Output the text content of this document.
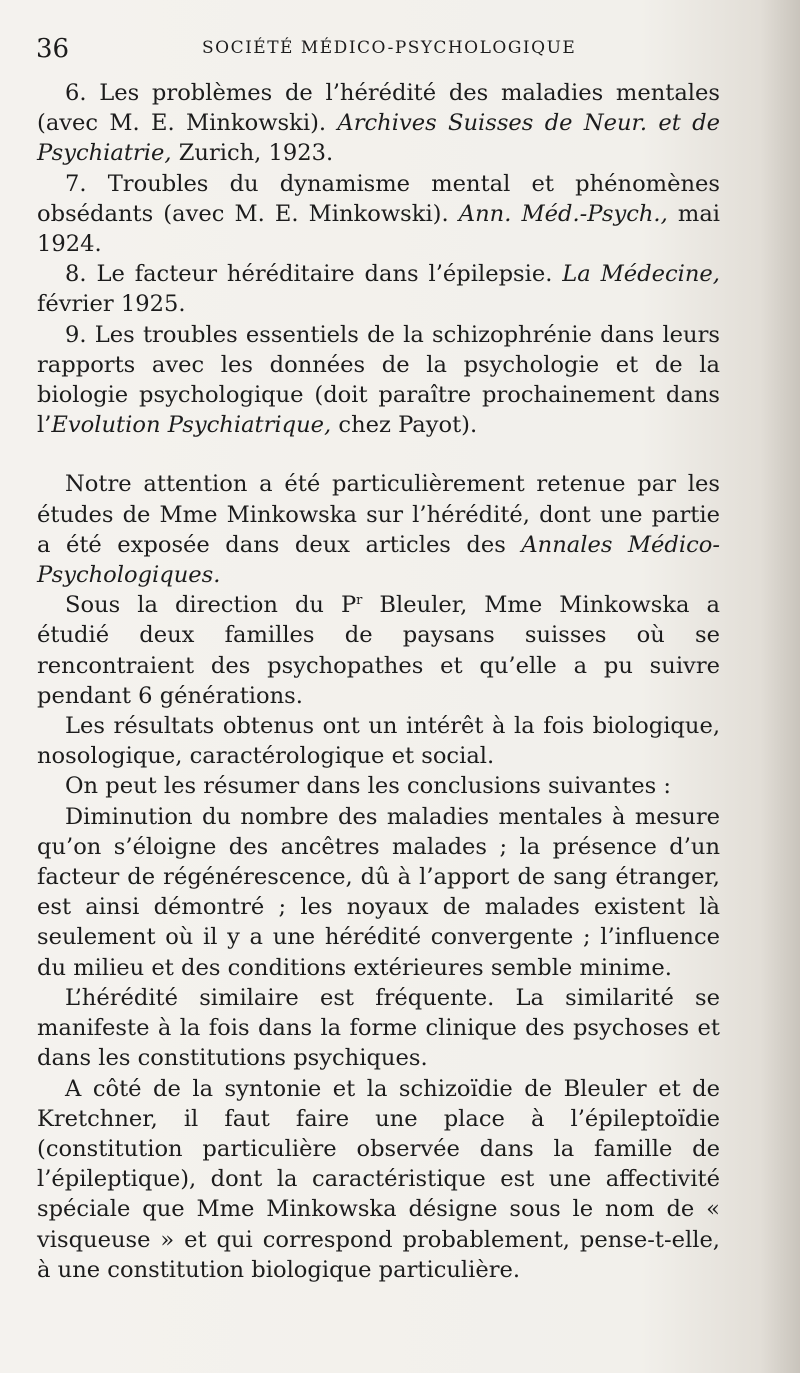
36	SOCIÉTÉ MÉDICO-PSYCHOLOGIQUE

6. Les problèmes de l’hérédité des maladies mentales (avec M. E. Minkowski). Archives Suisses de Neur. et de Psychiatrie, Zurich, 1923.

7. Troubles du dynamisme mental et phénomènes obsédants (avec M. E. Minkowski). Ann. Méd.-Psych., mai 1924.

8. Le facteur héréditaire dans l’épilepsie. La Médecine, février 1925.

9. Les troubles essentiels de la schizophrénie dans leurs rapports avec les données de la psychologie et de la biologie psychologique (doit paraître prochainement dans l’Evolution Psychiatrique, chez Payot).

Notre attention a été particulièrement retenue par les études de Mme Minkowska sur l’hérédité, dont une partie a été exposée dans deux articles des Annales Médico-Psychologiques.

Sous la direction du $P^r$ Bleuler, Mme Minkowska a étudié deux familles de paysans suisses où se rencontraient des psychopathes et qu’elle a pu suivre pendant 6 générations.

Les résultats obtenus ont un intérêt à la fois biologique, nosologique, caractérologique et social.

On peut les résumer dans les conclusions suivantes :

Diminution du nombre des maladies mentales à mesure qu’on s’éloigne des ancêtres malades ; la présence d’un facteur de régénérescence, dû à l’apport de sang étranger, est ainsi démontré ; les noyaux de malades existent là seulement où il y a une hérédité convergente ; l’influence du milieu et des conditions extérieures semble minime.

L’hérédité similaire est fréquente. La similarité se manifeste à la fois dans la forme clinique des psychoses et dans les constitutions psychiques.

A côté de la syntonie et la schizoïdie de Bleuler et de Kretchner, il faut faire une place à l’épileptoïdie (constitution particulière observée dans la famille de l’épileptique), dont la caractéristique est une affectivité spéciale que Mme Minkowska désigne sous le nom de « visqueuse » et qui correspond probablement, pense-t-elle, à une constitution biologique particulière.
